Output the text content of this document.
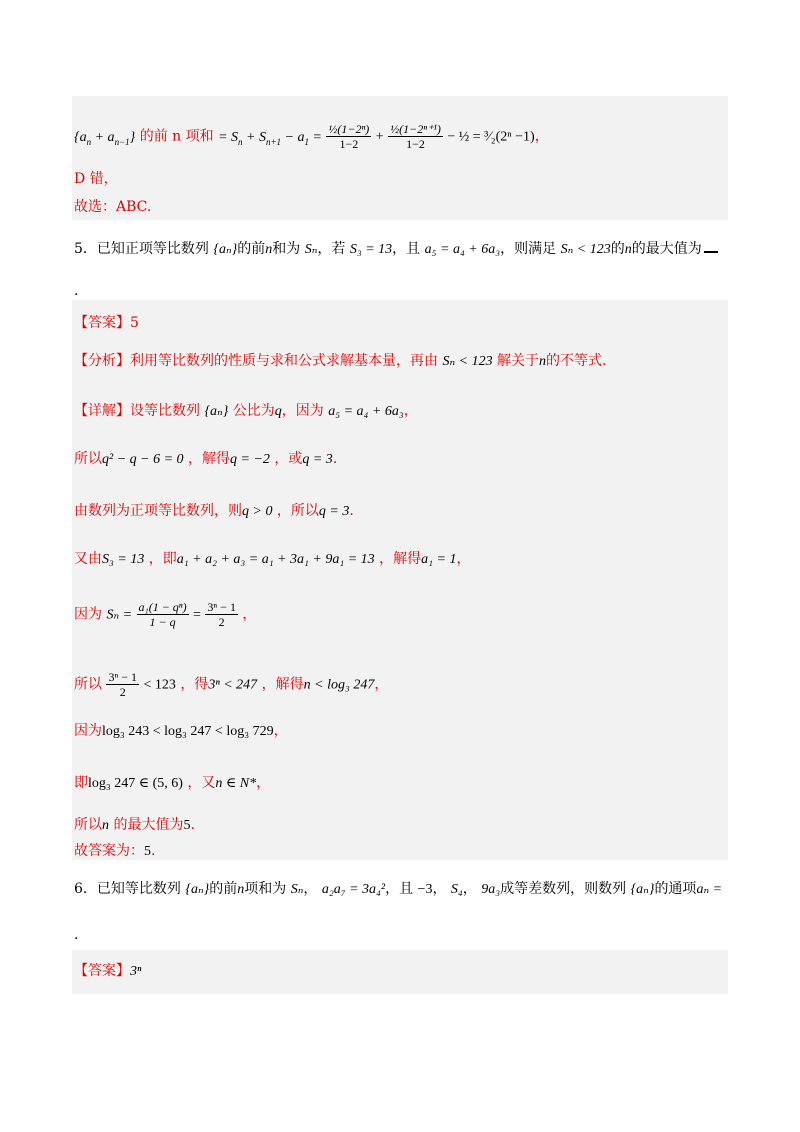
$\{a_n + a_{n-1}\}$ 的前 n 项和 = $S_n + S_{n+1} - a_1 = \frac{\text{½(1−2ⁿ)}}{1-2} + \frac{\text{½(1−2ⁿ⁺¹)}}{1-2}$ − ½ = ³⁄₂(2ⁿ −1)，
D 错，
故选：ABC.
5．已知正项等比数列 {aₙ}的前n和为 Sₙ，若 S₃ = 13，且 a₅ = a₄ + 6a₃，则满足 Sₙ < 123的n的最大值为
.
【答案】5
【分析】利用等比数列的性质与求和公式求解基本量，再由 Sₙ < 123 解关于n的不等式.
【详解】设等比数列 {aₙ} 公比为q，因为 a₅ = a₄ + 6a₃，
所以q² − q − 6 = 0 ，解得q = −2 ，或q = 3.
由数列为正项等比数列，则q > 0 ，所以q = 3.
又由S₃ = 13 ，即a₁ + a₂ + a₃ = a₁ + 3a₁ + 9a₁ = 13 ，解得a₁ = 1，
因为 $S_n = \frac{\text{a₁(1 − qⁿ)}}{1 - q} = \frac{\text{3ⁿ − 1}}{2}$ ，
所以 $\frac{\text{3ⁿ − 1}}{2} < 123$ ，得3ⁿ < 247 ，解得n < log₃ 247，
因为log₃ 243 < log₃ 247 < log₃ 729，
即log₃ 247 ∈ (5, 6) ，又n ∈ N*，
所以n 的最大值为5.
故答案为：5.
6．已知等比数列 {aₙ}的前n项和为 Sₙ， a₂a₇ = 3a₄²，且 −3， S₄， 9a₃成等差数列，则数列 {aₙ}的通项aₙ =
.
【答案】3ⁿ
